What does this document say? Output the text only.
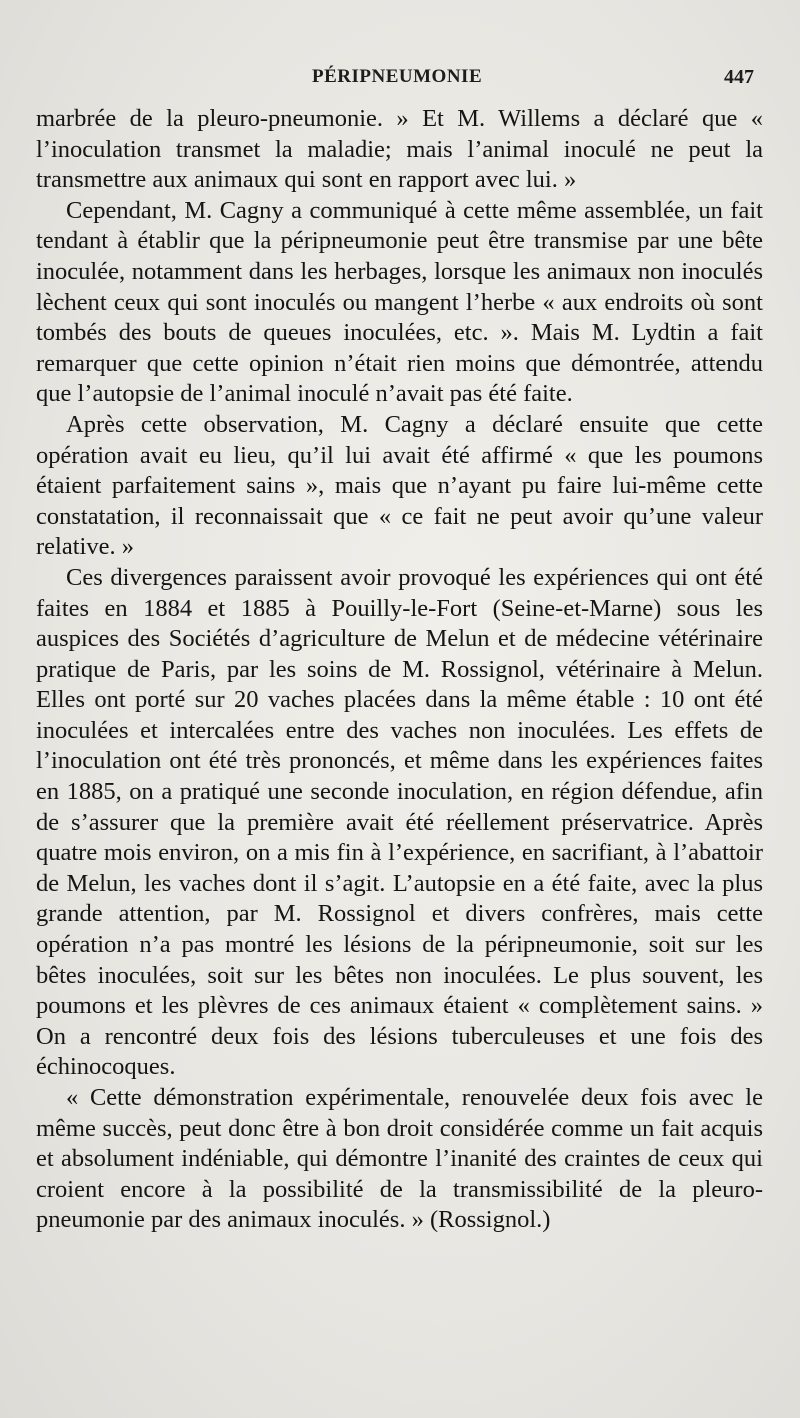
PÉRIPNEUMONIE	447

marbrée de la pleuro-pneumonie. » Et M. Willems a déclaré que « l’inoculation transmet la maladie; mais l’animal inoculé ne peut la transmettre aux animaux qui sont en rapport avec lui. »

Cependant, M. Cagny a communiqué à cette même assemblée, un fait tendant à établir que la péripneumonie peut être transmise par une bête inoculée, notamment dans les herbages, lorsque les animaux non inoculés lèchent ceux qui sont inoculés ou mangent l’herbe « aux endroits où sont tombés des bouts de queues inoculées, etc. ». Mais M. Lydtin a fait remarquer que cette opinion n’était rien moins que démontrée, attendu que l’autopsie de l’animal inoculé n’avait pas été faite.

Après cette observation, M. Cagny a déclaré ensuite que cette opération avait eu lieu, qu’il lui avait été affirmé « que les poumons étaient parfaitement sains », mais que n’ayant pu faire lui-même cette constatation, il reconnaissait que « ce fait ne peut avoir qu’une valeur relative. »

Ces divergences paraissent avoir provoqué les expériences qui ont été faites en 1884 et 1885 à Pouilly-le-Fort (Seine-et-Marne) sous les auspices des Sociétés d’agriculture de Melun et de médecine vétérinaire pratique de Paris, par les soins de M. Rossignol, vétérinaire à Melun. Elles ont porté sur 20 vaches placées dans la même étable : 10 ont été inoculées et intercalées entre des vaches non inoculées. Les effets de l’inoculation ont été très prononcés, et même dans les expériences faites en 1885, on a pratiqué une seconde inoculation, en région défendue, afin de s’assurer que la première avait été réellement préservatrice. Après quatre mois environ, on a mis fin à l’expérience, en sacrifiant, à l’abattoir de Melun, les vaches dont il s’agit. L’autopsie en a été faite, avec la plus grande attention, par M. Rossignol et divers confrères, mais cette opération n’a pas montré les lésions de la péripneumonie, soit sur les bêtes inoculées, soit sur les bêtes non inoculées. Le plus souvent, les poumons et les plèvres de ces animaux étaient « complètement sains. » On a rencontré deux fois des lésions tuberculeuses et une fois des échinocoques.

« Cette démonstration expérimentale, renouvelée deux fois avec le même succès, peut donc être à bon droit considérée comme un fait acquis et absolument indéniable, qui démontre l’inanité des craintes de ceux qui croient encore à la possibilité de la transmissibilité de la pleuro-pneumonie par des animaux inoculés. » (Rossignol.)
